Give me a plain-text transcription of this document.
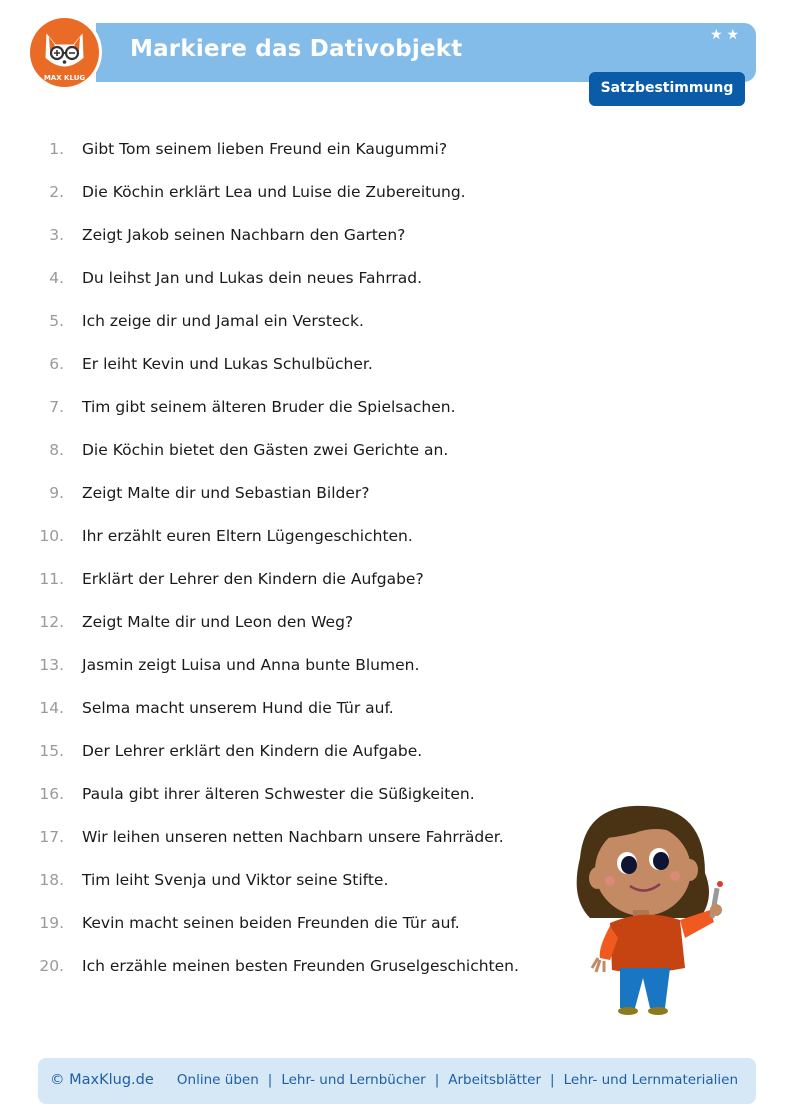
MAX KLUG
Markiere das Dativobjekt
★★
Satzbestimmung
1. Gibt Tom seinem lieben Freund ein Kaugummi?
2. Die Köchin erklärt Lea und Luise die Zubereitung.
3. Zeigt Jakob seinen Nachbarn den Garten?
4. Du leihst Jan und Lukas dein neues Fahrrad.
5. Ich zeige dir und Jamal ein Versteck.
6. Er leiht Kevin und Lukas Schulbücher.
7. Tim gibt seinem älteren Bruder die Spielsachen.
8. Die Köchin bietet den Gästen zwei Gerichte an.
9. Zeigt Malte dir und Sebastian Bilder?
10. Ihr erzählt euren Eltern Lügengeschichten.
11. Erklärt der Lehrer den Kindern die Aufgabe?
12. Zeigt Malte dir und Leon den Weg?
13. Jasmin zeigt Luisa und Anna bunte Blumen.
14. Selma macht unserem Hund die Tür auf.
15. Der Lehrer erklärt den Kindern die Aufgabe.
16. Paula gibt ihrer älteren Schwester die Süßigkeiten.
17. Wir leihen unseren netten Nachbarn unsere Fahrräder.
18. Tim leiht Svenja und Viktor seine Stifte.
19. Kevin macht seinen beiden Freunden die Tür auf.
20. Ich erzähle meinen besten Freunden Gruselgeschichten.
© MaxKlug.de Online üben | Lehr- und Lernbücher | Arbeitsblätter | Lehr- und Lernmaterialien
